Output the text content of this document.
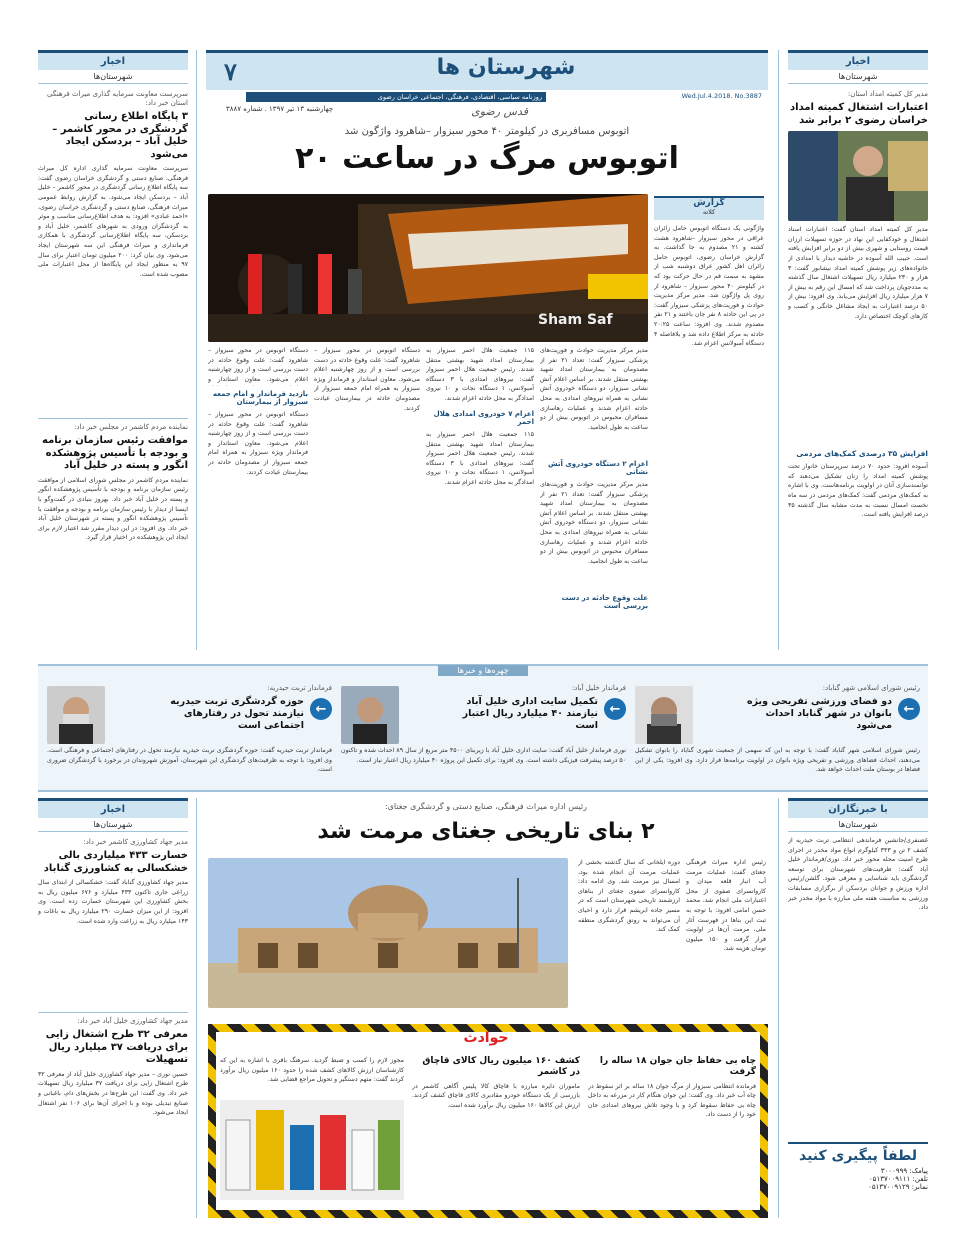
۷	شهرستان ها
روزنامه سیاسی، اقتصادی، فرهنگی، اجتماعی خراسان رضوی	Wed.Jul.4.2018. No.3887
چهارشنبه ۱۳ تیر ۱۳۹۷ . شماره ۳۸۸۷	قدس رضوی
اتوبوس مسافربری در کیلومتر ۴۰ محور سبزوار –شاهرود واژگون شد
اتوبوس مرگ در ساعت ۲۰
Sham Saf
گزارش
کلاته
واژگونی یک دستگاه اتوبوس حامل زائران عراقی در محور سبزوار –شاهرود هشت کشته و ۲۱ مصدوم به جا گذاشت. به گزارش خراسان رضوی، اتوبوس حامل زائران اهل کشور عراق دوشنبه شب از مشهد به سمت قم در حال حرکت بود که در کیلومتر ۴۰ محور سبزوار – شاهرود از روی پل واژگون شد. مدیر مرکز مدیریت حوادث و فوریت‌های پزشکی سبزوار گفت: در پی این حادثه ۸ نفر جان باختند و ۲۱ نفر مصدوم شدند. وی افزود: ساعت ۲۰:۲۵ حادثه به مرکز اطلاع داده شد و بلافاصله ۴ دستگاه آمبولانس اعزام شد.
مدیر مرکز مدیریت حوادث و فوریت‌های پزشکی سبزوار گفت: تعداد ۲۱ نفر از مصدومان به بیمارستان امداد شهید بهشتی منتقل شدند. بر اساس اعلام آتش نشانی سبزوار، دو دستگاه خودروی آتش نشانی به همراه نیروهای امدادی به محل حادثه اعزام شدند و عملیات رهاسازی مسافران محبوس در اتوبوس بیش از دو ساعت به طول انجامید.
اعزام ۲ دستگاه خودروی آتش نشانی
مدیر مرکز مدیریت حوادث و فوریت‌های پزشکی سبزوار گفت: تعداد ۲۱ نفر از مصدومان به بیمارستان امداد شهید بهشتی منتقل شدند. بر اساس اعلام آتش نشانی سبزوار، دو دستگاه خودروی آتش نشانی به همراه نیروهای امدادی به محل حادثه اعزام شدند و عملیات رهاسازی مسافران محبوس در اتوبوس بیش از دو ساعت به طول انجامید.
علت وقوع حادثه در دست بررسی است
۱۱۵ جمعیت هلال احمر سبزوار به بیمارستان امداد شهید بهشتی منتقل شدند. رئیس جمعیت هلال احمر سبزوار گفت: نیروهای امدادی با ۳ دستگاه آمبولانس، ۱ دستگاه نجات و ۱۰ نیروی امدادگر به محل حادثه اعزام شدند.
اعزام ۷ خودروی امدادی هلال احمر
۱۱۵ جمعیت هلال احمر سبزوار به بیمارستان امداد شهید بهشتی منتقل شدند. رئیس جمعیت هلال احمر سبزوار گفت: نیروهای امدادی با ۳ دستگاه آمبولانس، ۱ دستگاه نجات و ۱۰ نیروی امدادگر به محل حادثه اعزام شدند.
دستگاه اتوبوس در محور سبزوار – شاهرود گفت: علت وقوع حادثه در دست بررسی است و از روز چهارشنبه اعلام می‌شود. معاون استاندار و فرماندار ویژه سبزوار به همراه امام جمعه سبزوار از مصدومان حادثه در بیمارستان عیادت کردند.
دستگاه اتوبوس در محور سبزوار – شاهرود گفت: علت وقوع حادثه در دست بررسی است و از روز چهارشنبه اعلام می‌شود. معاون استاندار و
بازدید فرماندار و امام جمعه سبزوار از بیمارستان
دستگاه اتوبوس در محور سبزوار – شاهرود گفت: علت وقوع حادثه در دست بررسی است و از روز چهارشنبه اعلام می‌شود. معاون استاندار و فرماندار ویژه سبزوار به همراه امام جمعه سبزوار از مصدومان حادثه در بیمارستان عیادت کردند.
اخبار
شهرستان‌ها
سرپرست معاونت سرمایه گذاری میراث فرهنگی استان خبر داد:
۳ پایگاه اطلاع رسانی گردشگری در محور کاشمر –خلیل آباد – بردسکن ایجاد می‌شود
سرپرست معاونت سرمایه گذاری اداره کل میراث فرهنگی، صنایع دستی و گردشگری خراسان رضوی گفت: سه پایگاه اطلاع رسانی گردشگری در محور کاشمر – خلیل آباد – بردسکن ایجاد می‌شود. به گزارش روابط عمومی میراث فرهنگی، صنایع دستی و گردشگری خراسان رضوی، «احمد عبادی» افزود: به هدف اطلاع‌رسانی مناسب و موثر به گردشگران ورودی به شهرهای کاشمر، خلیل آباد و بردسکن، سه پایگاه اطلاع‌رسانی گردشگری با همکاری فرمانداری و میراث فرهنگی این سه شهرستان ایجاد می‌شود. وی بیان کرد: ۲۰۰ میلیون تومان اعتبار برای سال ۹۷ به منظور ایجاد این پایگاه‌ها از محل اعتبارات ملی مصوب شده است.
نماینده مردم کاشمر در مجلس خبر داد:
موافقت رئیس سازمان برنامه و بودجه با تأسیس پژوهشکده انگور و پسته در خلیل آباد
نماینده مردم کاشمر در مجلس شورای اسلامی از موافقت رئیس سازمان برنامه و بودجه با تأسیس پژوهشکده انگور و پسته در خلیل آباد خبر داد. بهروز بنیادی در گفت‌وگو با ایسنا از دیدار با رئیس سازمان برنامه و بودجه و موافقت با تأسیس پژوهشکده انگور و پسته در شهرستان خلیل آباد خبر داد. وی افزود: در این دیدار مقرر شد اعتبار لازم برای ایجاد این پژوهشکده در اختیار قرار گیرد.
اخبار
شهرستان‌ها
مدیر کل کمیته امداد استان:
اعتبارات اشتغال کمیته امداد خراسان رضوی ۲ برابر شد
مدیر کل کمیته امداد استان گفت: اعتبارات اسناد اشتغال و خودکفایی این نهاد در حوزه تسهیلات ارزان قیمت روستایی و شهری بیش از دو برابر افزایش یافته است. حبیب الله آسوده در حاشیه دیدار با امدادی از خانواده‌های زیر پوشش کمیته امداد نیشابور گفت: ۳ هزار و ۲۳۰ میلیارد ریال تسهیلات اشتغال سال گذشته به مددجویان پرداخت شد که امسال این رقم به بیش از ۷ هزار میلیارد ریال افزایش می‌یابد. وی افزود: بیش از ۵۰ درصد اعتبارات به ایجاد مشاغل خانگی و کسب و کارهای کوچک اختصاص دارد.
افزایش ۳۵ درصدی کمک‌های مردمی
آسوده افزود: حدود ۷۰ درصد سرپرستان خانوار تحت پوشش کمیته امداد را زنان تشکیل می‌دهند که توانمندسازی آنان در اولویت برنامه‌هاست. وی با اشاره به کمک‌های مردمی گفت: کمک‌های مردمی در سه ماه نخست امسال نسبت به مدت مشابه سال گذشته ۳۵ درصد افزایش یافته است.
چهره‌ها و خبرها
رئیس شورای اسلامی شهر گناباد:
←
دو فضای ورزشی تفریحی ویژه بانوان در شهر گناباد احداث می‌شود
رئیس شورای اسلامی شهر گناباد گفت: با توجه به این که سهمی از جمعیت شهری گناباد را بانوان تشکیل می‌دهند، احداث فضاهای ورزشی و تفریحی ویژه بانوان در اولویت برنامه‌ها قرار دارد. وی افزود: یکی از این فضاها در بوستان ملت احداث خواهد شد.
فرماندار خلیل آباد:
←
تکمیل سایت اداری خلیل آباد نیازمند ۴۰ میلیارد ریال اعتبار است
نوری فرماندار خلیل آباد گفت: سایت اداری خلیل آباد با زیربنای ۴۵۰۰ متر مربع از سال ۸۹ احداث شده و تاکنون ۵۰ درصد پیشرفت فیزیکی داشته است. وی افزود: برای تکمیل این پروژه ۴۰ میلیارد ریال اعتبار نیاز است.
فرماندار تربت حیدریه:
←
حوزه گردشگری تربت حیدریه نیازمند تحول در رفتارهای اجتماعی است
فرماندار تربت حیدریه گفت: حوزه گردشگری تربت حیدریه نیازمند تحول در رفتارهای اجتماعی و فرهنگی است. وی افزود: با توجه به ظرفیت‌های گردشگری این شهرستان، آموزش شهروندان در برخورد با گردشگران ضروری است.
اخبار
شهرستان‌ها
مدیر جهاد کشاورزی کاشمر خبر داد:
خسارت ۴۳۳ میلیاردی بالی خشکسالی به کشاورزی گناباد
مدیر جهاد کشاورزی گناباد گفت: خشکسالی از ابتدای سال زراعی جاری تاکنون ۴۳۳ میلیارد و ۶۷۶ میلیون ریال به بخش کشاورزی این شهرستان خسارت زده است. وی افزود: از این میزان خسارت ۲۹۰ میلیارد ریال به باغات و ۱۴۳ میلیارد ریال به زراعت وارد شده است.
مدیر جهاد کشاورزی خلیل آباد خبر داد:
معرفی ۳۲ طرح اشتغال زایی برای دریافت ۳۷ میلیارد ریال تسهیلات
حسین نوری – مدیر جهاد کشاورزی خلیل آباد از معرفی ۳۲ طرح اشتغال زایی برای دریافت ۳۷ میلیارد ریال تسهیلات خبر داد. وی گفت: این طرح‌ها در بخش‌های دام، باغبانی و صنایع تبدیلی بوده و با اجرای آن‌ها برای ۱۰۶ نفر اشتغال ایجاد می‌شود.
رئیس اداره میراث فرهنگی، صنایع دستی و گردشگری جغتای:
۲ بنای تاریخی جغتای مرمت شد
رئیس اداره میراث فرهنگی جغتای گفت: عملیات مرمت آب انبار قلعه میدان و کاروانسرای صفوی از محل اعتبارات ملی انجام شد. محمد حسن امامی افزود: با توجه به ثبت این بناها در فهرست آثار ملی، مرمت آن‌ها در اولویت قرار گرفت و ۱۵۰ میلیون تومان هزینه شد.
دوره ایلخانی که سال گذشته بخشی از عملیات مرمت آن انجام شده بود، امسال نیز مرمت شد. وی ادامه داد: کاروانسرای صفوی جغتای از بناهای ارزشمند تاریخی شهرستان است که در مسیر جاده ابریشم قرار دارد و احیای آن می‌تواند به رونق گردشگری منطقه کمک کند.
حوادث
چاه بی حفاظ جان جوان ۱۸ ساله را گرفت
فرمانده انتظامی سبزوار از مرگ جوان ۱۸ ساله بر اثر سقوط در چاه آب خبر داد. وی گفت: این جوان هنگام کار در مزرعه به داخل چاه بی حفاظ سقوط کرد و با وجود تلاش نیروهای امدادی جان خود را از دست داد.
کشف ۱۶۰ میلیون ریال کالای قاچاق در کاشمر
ماموران دایره مبارزه با قاچاق کالا پلیس آگاهی کاشمر در بازرسی از یک دستگاه خودرو مقادیری کالای قاچاق کشف کردند. ارزش این کالاها ۱۶۰ میلیون ریال برآورد شده است.
مجوز لازم را کسب و ضبط گردید. سرهنگ باقری با اشاره به این که کارشناسان ارزش کالاهای کشف شده را حدود ۱۶۰ میلیون ریال برآورد کردند گفت: متهم دستگیر و تحویل مراجع قضایی شد.
با خبرنگاران
شهرستان‌ها
غضنفری/جانشین فرماندهی انتظامی تربت حیدریه از کشف ۲ تن و ۳۴۳ کیلوگرم انواع مواد مخدر در اجرای طرح امنیت محله محور خبر داد. نوری/فرماندار خلیل آباد گفت: ظرفیت‌های شهرستان برای توسعه گردشگری باید شناسایی و معرفی شود. گلشن/رئیس اداره ورزش و جوانان بردسکن از برگزاری مسابقات ورزشی به مناسبت هفته ملی مبارزه با مواد مخدر خبر داد.
لطفاً پیگیری کنید
پیامک: ۳۰۰۰۹۹۹
تلفن: ۰۵۱۳۷۰۰۹۱۱۱
نمابر: ۰۵۱۳۷۰۰۹۱۲۹
